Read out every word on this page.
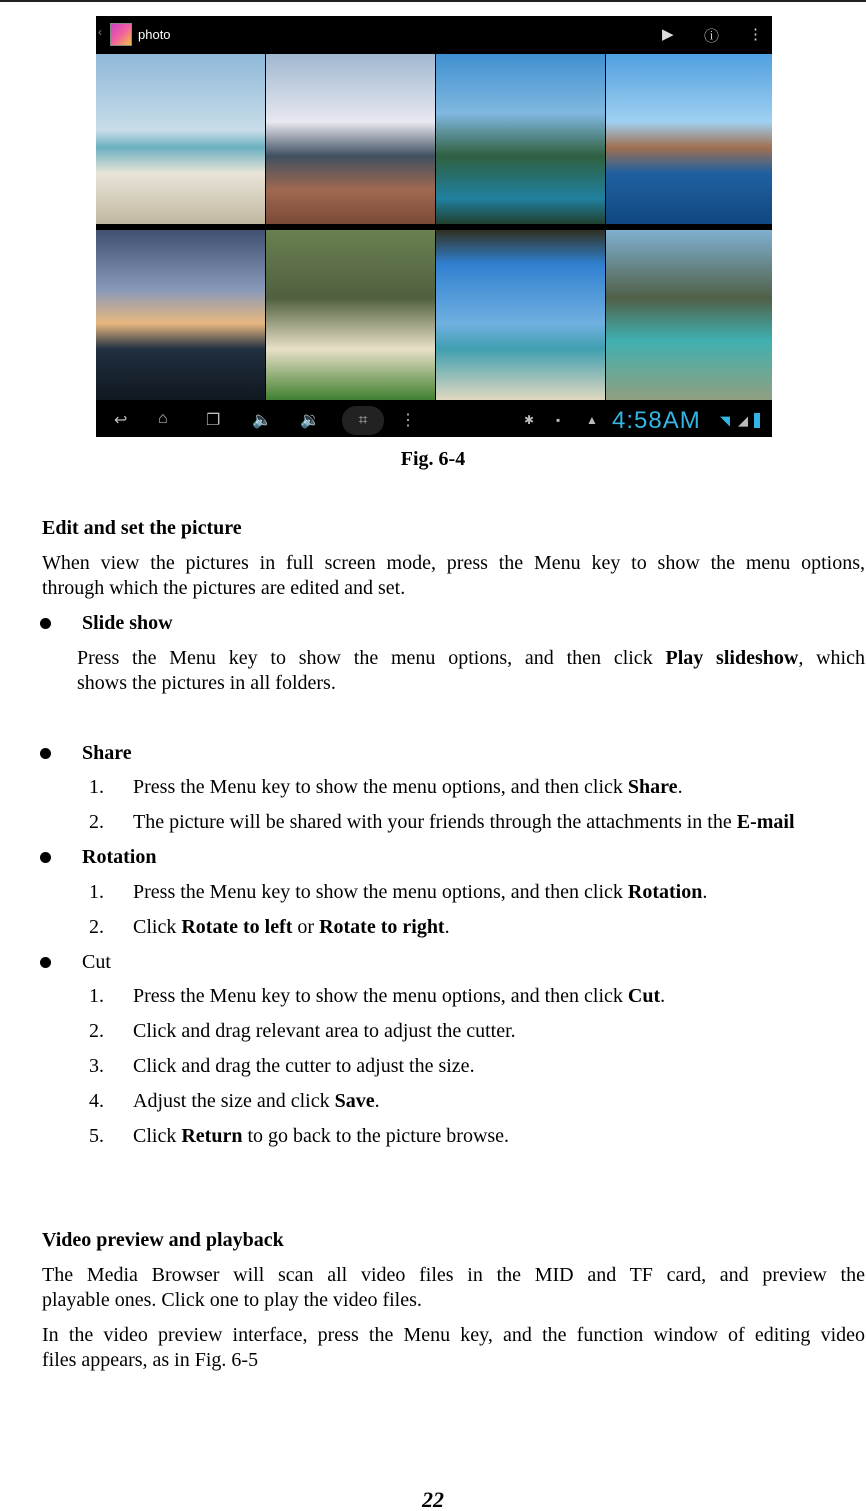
‹	photo	▶ ⓘ ⋮
↩ ⌂ ❐ 🔈 🔉	⌗	⋮	✱ ▪ ▲ 4:58AM ◥ ◢
Fig. 6-4
Edit and set the picture
When view the pictures in full screen mode, press the Menu key to show the menu options,
through which the pictures are edited and set.
Slide show
Press the Menu key to show the menu options, and then click Play slideshow, which
shows the pictures in all folders.
Share
1. Press the Menu key to show the menu options, and then click Share.
2. The picture will be shared with your friends through the attachments in the E-mail
Rotation
1. Press the Menu key to show the menu options, and then click Rotation.
2. Click Rotate to left or Rotate to right.
Cut
1. Press the Menu key to show the menu options, and then click Cut.
2. Click and drag relevant area to adjust the cutter.
3. Click and drag the cutter to adjust the size.
4. Adjust the size and click Save.
5. Click Return to go back to the picture browse.
Video preview and playback
The Media Browser will scan all video files in the MID and TF card, and preview the
playable ones. Click one to play the video files.
In the video preview interface, press the Menu key, and the function window of editing video
files appears, as in Fig. 6-5
22
